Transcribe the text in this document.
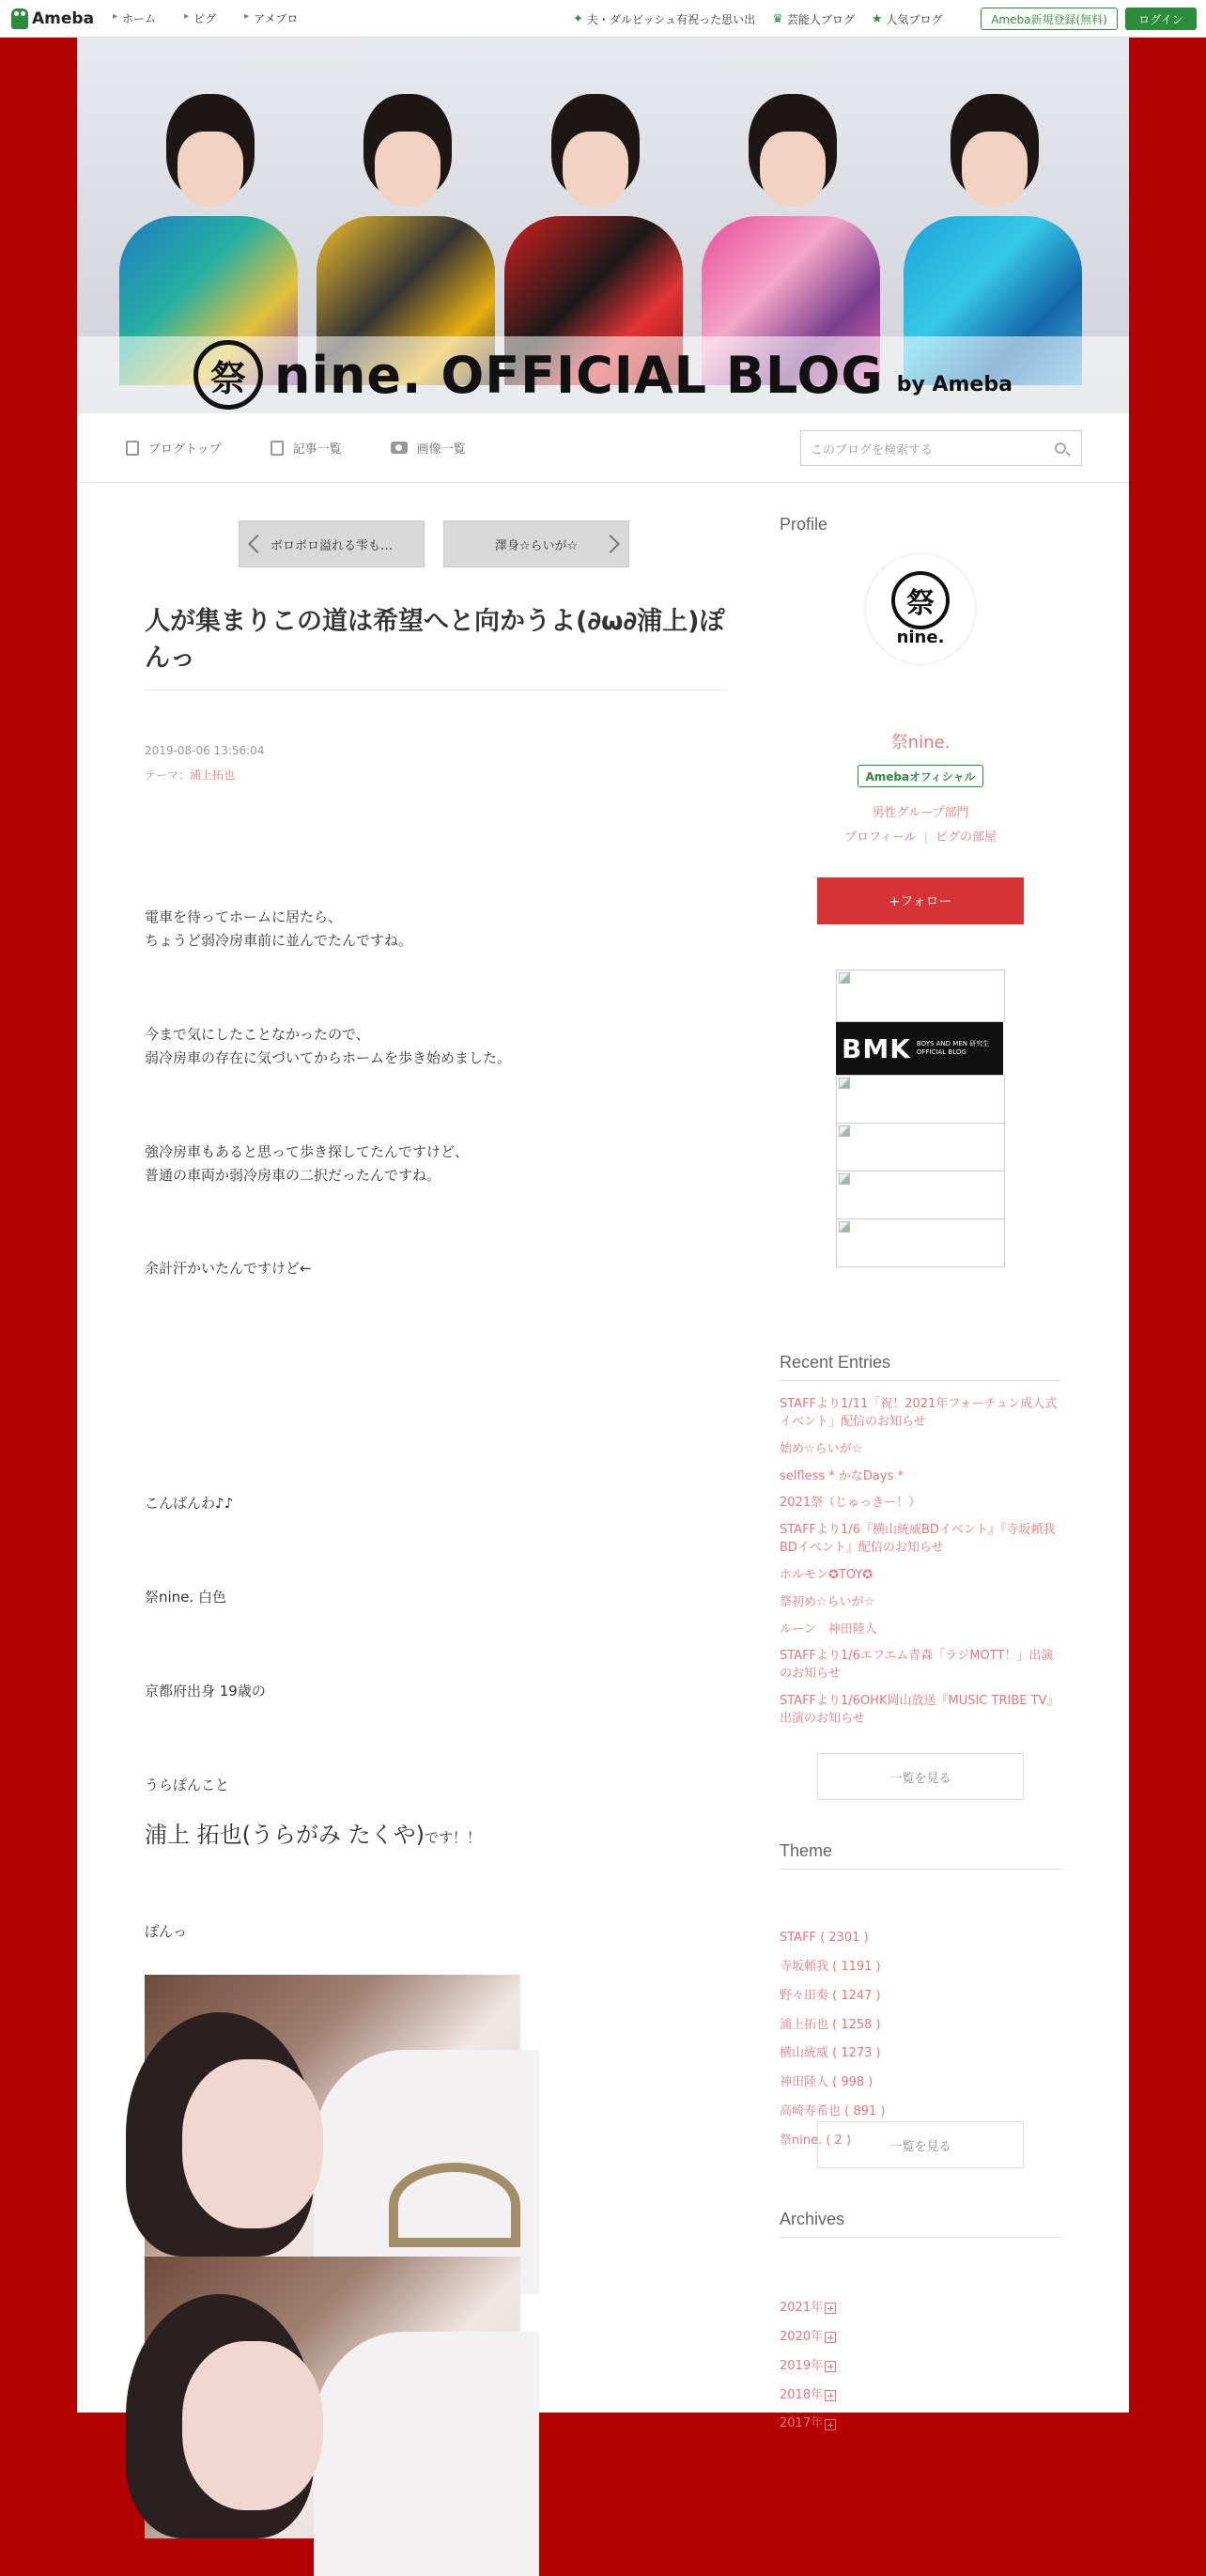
Ameba	▸ ホーム	▸ ピグ	▸ アメブロ	✦ 夫・ダルビッシュ有祝った思い出 ♛ 芸能人ブログ ★ 人気ブログ	Ameba新規登録(無料)	ログイン
祭 nine. OFFICIAL BLOG by Ameba
ブログトップ	記事一覧	画像一覧	このブログを検索する
ボロボロ溢れる雫も…	澤身☆らいが☆
人が集まりこの道は希望へと向かうよ(∂ω∂浦上)ぽんっ
2019-08-06 13:56:04
テーマ：浦上拓也
電車を待ってホームに居たら、
ちょうど弱冷房車前に並んでたんですね。
今まで気にしたことなかったので、
弱冷房車の存在に気づいてからホームを歩き始めました。
強冷房車もあると思って歩き探してたんですけど、
普通の車両か弱冷房車の二択だったんですね。
余計汗かいたんですけど←
こんばんわ♪♪
祭nine. 白色
京都府出身 19歳の
うらぽんこと
浦上 拓也(うらがみ たくや)です！！
ぽんっ
Profile
祭
nine.
祭nine.
Amebaオフィシャル
男性グループ部門
プロフィール | ピグの部屋
+フォロー
BMK BOYS AND MEN 研究生
OFFICIAL BLOG
Recent Entries
STAFFより1/11「祝！2021年フォーチュン成人式イベント」配信のお知らせ
始め☆らいが☆
selfless * かなDays *
2021祭（じゅっきー！）
STAFFより1/6『横山統威BDイベント』『寺坂頼我BDイベント』配信のお知らせ
ホルモン✪TOY✪
祭初め☆らいが☆
ルーン　神田陸人
STAFFより1/6エフエム青森「ラジMOTT！」出演のお知らせ
STAFFより1/6OHK岡山放送『MUSIC TRIBE TV』出演のお知らせ
一覧を見る
Theme
STAFF ( 2301 )
寺坂頼我 ( 1191 )
野々田奏 ( 1247 )
浦上拓也 ( 1258 )
横山統威 ( 1273 )
神田陸人 ( 998 )
高崎寿希也 ( 891 )
祭nine. ( 2 )	一覧を見る
Archives
2021年
2020年
2019年
2018年
2017年
